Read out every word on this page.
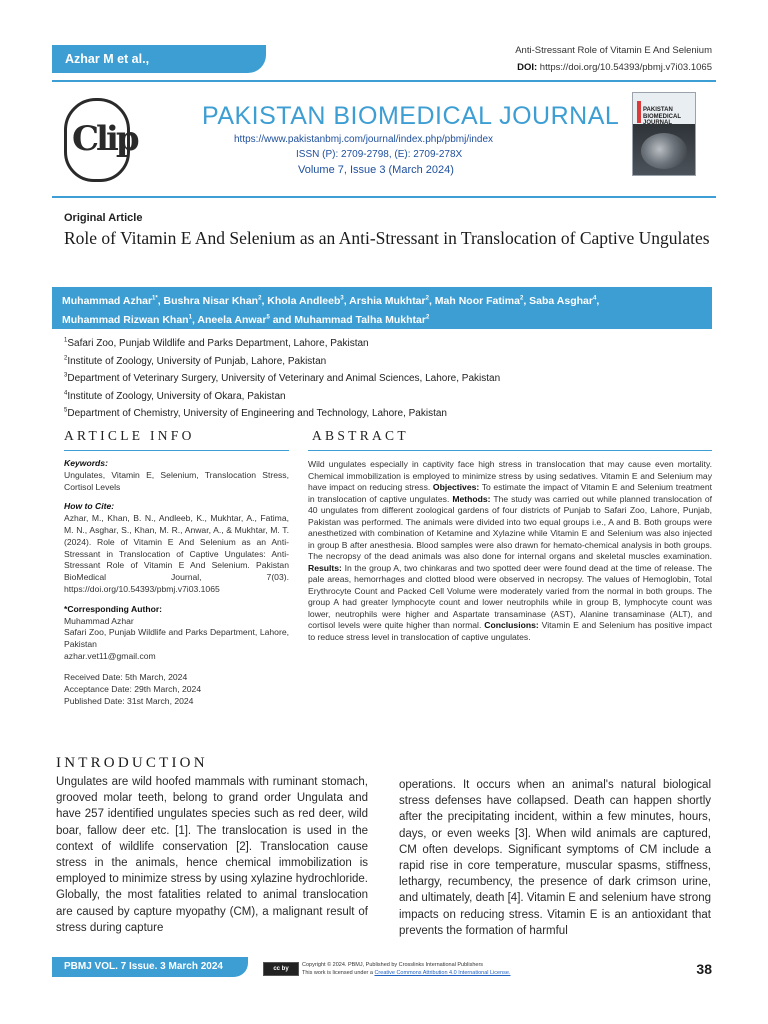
Azhar M et al.,
Anti-Stressant Role of Vitamin E And Selenium
DOI: https://doi.org/10.54393/pbmj.v7i03.1065
Clip
PAKISTAN BIOMEDICAL JOURNAL
https://www.pakistanbmj.com/journal/index.php/pbmj/index
ISSN (P): 2709-2798, (E): 2709-278X
Volume 7, Issue 3 (March 2024)
PAKISTAN BIOMEDICAL JOURNAL
Original Article
Role of Vitamin E And Selenium as an Anti-Stressant in Translocation of Captive Ungulates
Muhammad Azhar$^{1*}$, Bushra Nisar Khan$^2$, Khola Andleeb$^3$, Arshia Mukhtar$^2$, Mah Noor Fatima$^2$, Saba Asghar$^4$,
Muhammad Rizwan Khan$^1$, Aneela Anwar$^5$ and Muhammad Talha Mukhtar$^2$

$^1$Safari Zoo, Punjab Wildlife and Parks Department, Lahore, Pakistan

$^2$Institute of Zoology, University of Punjab, Lahore, Pakistan

$^3$Department of Veterinary Surgery, University of Veterinary and Animal Sciences, Lahore, Pakistan

$^4$Institute of Zoology, University of Okara, Pakistan

$^5$Department of Chemistry, University of Engineering and Technology, Lahore, Pakistan

ARTICLE INFO	ABSTRACT
Keywords:
Ungulates, Vitamin E, Selenium, Translocation Stress, Cortisol Levels
How to Cite:
Azhar, M., Khan, B. N., Andleeb, K., Mukhtar, A., Fatima, M. N., Asghar, S., Khan, M. R., Anwar, A., & Mukhtar, M. T. (2024). Role of Vitamin E And Selenium as an Anti-Stressant in Translocation of Captive Ungulates: Anti-Stressant Role of Vitamin E And Selenium. Pakistan BioMedical Journal, 7(03). https://doi.org/10.54393/pbmj.v7i03.1065
*Corresponding Author:
Muhammad Azhar
Safari Zoo, Punjab Wildlife and Parks Department, Lahore, Pakistan
azhar.vet11@gmail.com

Received Date: 5th March, 2024

Acceptance Date: 29th March, 2024

Published Date: 31st March, 2024

Wild ungulates especially in captivity face high stress in translocation that may cause even mortality. Chemical immobilization is employed to minimize stress by using sedatives. Vitamin E and Selenium may have impact on reducing stress. Objectives: To estimate the impact of Vitamin E and Selenium treatment in translocation of captive ungulates. Methods: The study was carried out while planned translocation of 40 ungulates from different zoological gardens of four districts of Punjab to Safari Zoo, Lahore, Punjab, Pakistan was performed. The animals were divided into two equal groups i.e., A and B. Both groups were anesthetized with combination of Ketamine and Xylazine while Vitamin E and Selenium was also injected in group B after anesthesia. Blood samples were also drawn for hemato-chemical analysis in both groups. The necropsy of the dead animals was also done for internal organs and skeletal muscles examination. Results: In the group A, two chinkaras and two spotted deer were found dead at the time of release. The pale areas, hemorrhages and clotted blood were observed in necropsy. The values of Hemoglobin, Total Erythrocyte Count and Packed Cell Volume were moderately varied from the normal in both groups. The group A had greater lymphocyte count and lower neutrophils while in group B, lymphocyte count was lower, neutrophils were higher and Aspartate transaminase (AST), Alanine transaminase (ALT), and cortisol levels were quite higher than normal. Conclusions: Vitamin E and Selenium has positive impact to reduce stress level in translocation of captive ungulates.
INTRODUCTION
Ungulates are wild hoofed mammals with ruminant stomach, grooved molar teeth, belong to grand order Ungulata and have 257 identified ungulates species such as red deer, wild boar, fallow deer etc. [1]. The translocation is used in the context of wildlife conservation [2]. Translocation cause stress in the animals, hence chemical immobilization is employed to minimize stress by using xylazine hydrochloride. Globally, the most fatalities related to animal translocation are caused by capture myopathy (CM), a malignant result of stress during capture
operations. It occurs when an animal's natural biological stress defenses have collapsed. Death can happen shortly after the precipitating incident, within a few minutes, hours, days, or even weeks [3]. When wild animals are captured, CM often develops. Significant symptoms of CM include a rapid rise in core temperature, muscular spasms, stiffness, lethargy, recumbency, the presence of dark crimson urine, and ultimately, death [4]. Vitamin E and selenium have strong impacts on reducing stress. Vitamin E is an antioxidant that prevents the formation of harmful
PBMJ VOL. 7 Issue. 3 March 2024	cc by
Copyright © 2024. PBMJ, Published by Crosslinks International Publishers
This work is licensed under a Creative Commons Attribution 4.0 International License.	38
